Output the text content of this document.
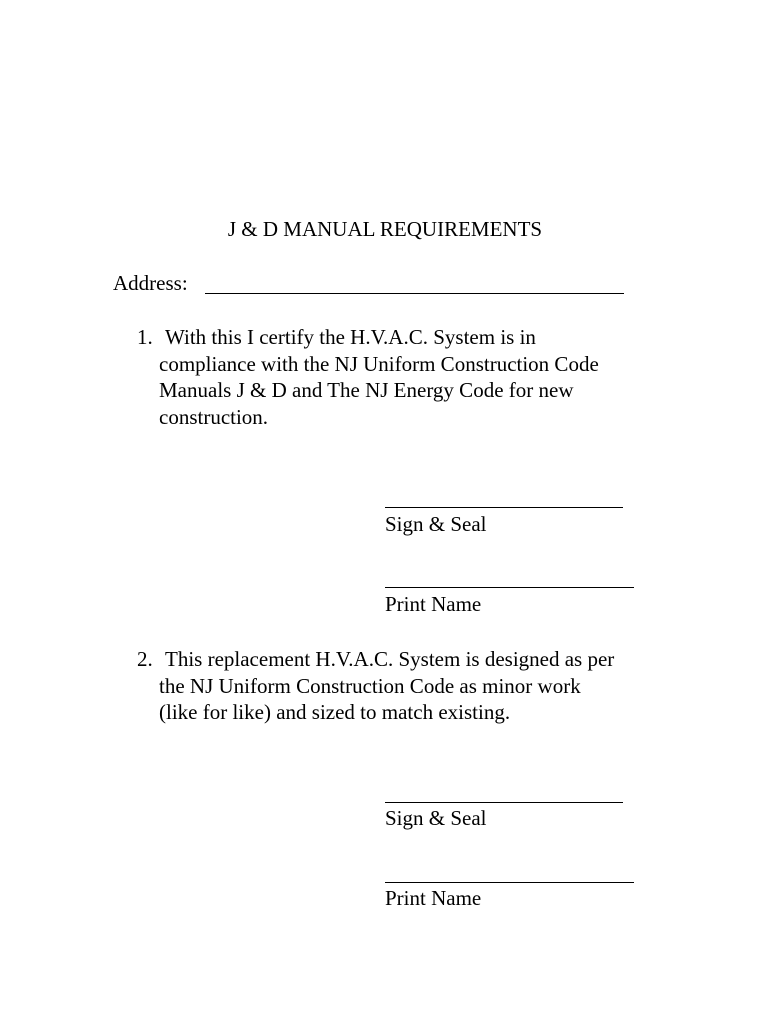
J & D MANUAL REQUIREMENTS
Address:
1. With this I certify the H.V.A.C. System is in
compliance with the NJ Uniform Construction Code
Manuals J & D and The NJ Energy Code for new
construction.
Sign & Seal
Print Name
2. This replacement H.V.A.C. System is designed as per
the NJ Uniform Construction Code as minor work
(like for like) and sized to match existing.
Sign & Seal
Print Name
